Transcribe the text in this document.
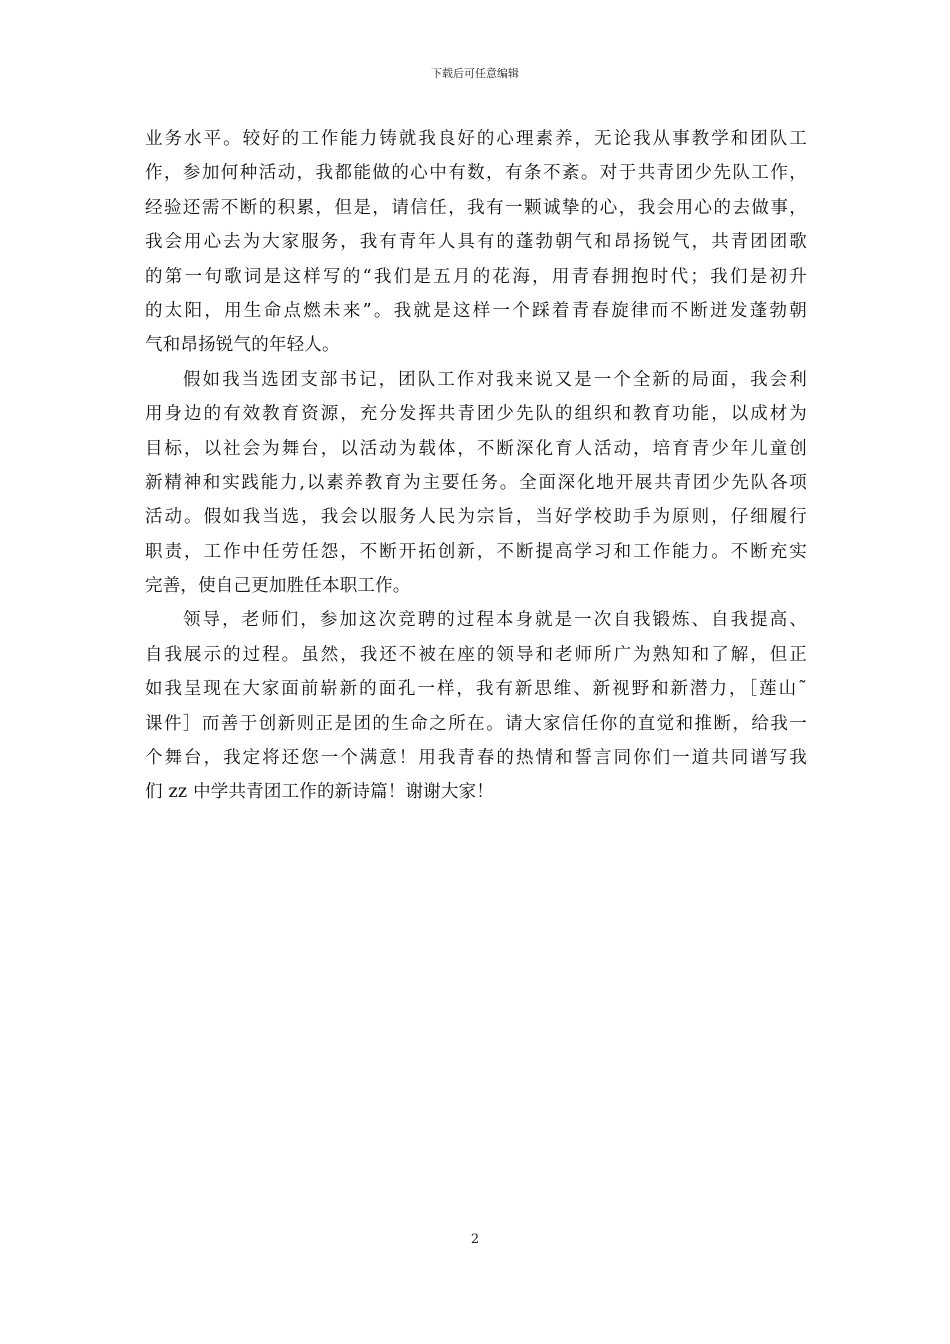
下载后可任意编辑
业务水平。较好的工作能力铸就我良好的心理素养，无论我从事教学和团队工
作，参加何种活动，我都能做的心中有数，有条不紊。对于共青团少先队工作，
经验还需不断的积累，但是，请信任，我有一颗诚挚的心，我会用心的去做事，
我会用心去为大家服务，我有青年人具有的蓬勃朝气和昂扬锐气，共青团团歌
的第一句歌词是这样写的“我们是五月的花海，用青春拥抱时代；我们是初升
的太阳，用生命点燃未来”。我就是这样一个踩着青春旋律而不断迸发蓬勃朝
气和昂扬锐气的年轻人。
假如我当选团支部书记，团队工作对我来说又是一个全新的局面，我会利
用身边的有效教育资源，充分发挥共青团少先队的组织和教育功能，以成材为
目标，以社会为舞台，以活动为载体，不断深化育人活动，培育青少年儿童创
新精神和实践能力,以素养教育为主要任务。全面深化地开展共青团少先队各项
活动。假如我当选，我会以服务人民为宗旨，当好学校助手为原则，仔细履行
职责，工作中任劳任怨，不断开拓创新，不断提高学习和工作能力。不断充实
完善，使自己更加胜任本职工作。
领导，老师们，参加这次竞聘的过程本身就是一次自我锻炼、自我提高、
自我展示的过程。虽然，我还不被在座的领导和老师所广为熟知和了解，但正
如我呈现在大家面前崭新的面孔一样，我有新思维、新视野和新潜力，［莲山˜
课件］而善于创新则正是团的生命之所在。请大家信任你的直觉和推断，给我一
个舞台，我定将还您一个满意！用我青春的热情和誓言同你们一道共同谱写我
们 zz 中学共青团工作的新诗篇！谢谢大家！
2
